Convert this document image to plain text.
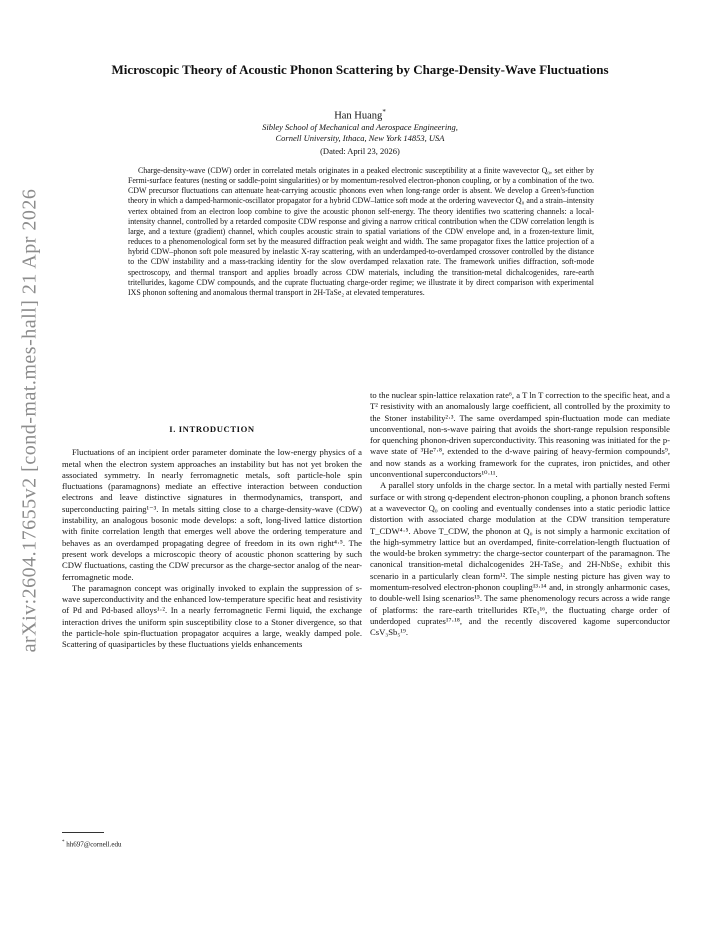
arXiv:2604.17655v2 [cond-mat.mes-hall] 21 Apr 2026
Microscopic Theory of Acoustic Phonon Scattering by Charge-Density-Wave Fluctuations
Han Huang*
Sibley School of Mechanical and Aerospace Engineering,
Cornell University, Ithaca, New York 14853, USA
(Dated: April 23, 2026)
Charge-density-wave (CDW) order in correlated metals originates in a peaked electronic susceptibility at a finite wavevector Q₀, set either by Fermi-surface features (nesting or saddle-point singularities) or by momentum-resolved electron-phonon coupling, or by a combination of the two. CDW precursor fluctuations can attenuate heat-carrying acoustic phonons even when long-range order is absent. We develop a Green's-function theory in which a damped-harmonic-oscillator propagator for a hybrid CDW–lattice soft mode at the ordering wavevector Q₀ and a strain–intensity vertex obtained from an electron loop combine to give the acoustic phonon self-energy. The theory identifies two scattering channels: a local-intensity channel, controlled by a retarded composite CDW response and giving a narrow critical contribution when the CDW correlation length is large, and a texture (gradient) channel, which couples acoustic strain to spatial variations of the CDW envelope and, in a frozen-texture limit, reduces to a phenomenological form set by the measured diffraction peak weight and width. The same propagator fixes the lattice projection of a hybrid CDW–phonon soft pole measured by inelastic X-ray scattering, with an underdamped-to-overdamped crossover controlled by the distance to the CDW instability and a mass-tracking identity for the slow overdamped relaxation rate. The framework unifies diffraction, soft-mode spectroscopy, and thermal transport and applies broadly across CDW materials, including the transition-metal dichalcogenides, rare-earth tritellurides, kagome CDW compounds, and the cuprate fluctuating charge-order regime; we illustrate it by direct comparison with experimental IXS phonon softening and anomalous thermal transport in 2H-TaSe₂ at elevated temperatures.
I. INTRODUCTION

Fluctuations of an incipient order parameter dominate the low-energy physics of a metal when the electron system approaches an instability but has not yet broken the associated symmetry. In nearly ferromagnetic metals, soft particle-hole spin fluctuations (paramagnons) mediate an effective interaction between conduction electrons and leave distinctive signatures in thermodynamics, transport, and superconducting pairing¹⁻³. In metals sitting close to a charge-density-wave (CDW) instability, an analogous bosonic mode develops: a soft, long-lived lattice distortion with finite correlation length that emerges well above the ordering temperature and behaves as an overdamped propagating degree of freedom in its own right⁴·⁵. The present work develops a microscopic theory of acoustic phonon scattering by such CDW fluctuations, casting the CDW precursor as the charge-sector analog of the near-ferromagnetic mode.

The paramagnon concept was originally invoked to explain the suppression of s-wave superconductivity and the enhanced low-temperature specific heat and resistivity of Pd and Pd-based alloys¹·². In a nearly ferromagnetic Fermi liquid, the exchange interaction drives the uniform spin susceptibility close to a Stoner divergence, so that the particle-hole spin-fluctuation propagator acquires a large, weakly damped pole. Scattering of quasiparticles by these fluctuations yields enhancements

to the nuclear spin-lattice relaxation rate⁶, a T ln T correction to the specific heat, and a T² resistivity with an anomalously large coefficient, all controlled by the proximity to the Stoner instability²·³. The same overdamped spin-fluctuation mode can mediate unconventional, non-s-wave pairing that avoids the short-range repulsion responsible for quenching phonon-driven superconductivity. This reasoning was initiated for the p-wave state of ³He⁷·⁸, extended to the d-wave pairing of heavy-fermion compounds⁹, and now stands as a working framework for the cuprates, iron pnictides, and other unconventional superconductors¹⁰·¹¹.

A parallel story unfolds in the charge sector. In a metal with partially nested Fermi surface or with strong q-dependent electron-phonon coupling, a phonon branch softens at a wavevector Q₀ on cooling and eventually condenses into a static periodic lattice distortion with associated charge modulation at the CDW transition temperature T_CDW⁴·⁵. Above T_CDW, the phonon at Q₀ is not simply a harmonic excitation of the high-symmetry lattice but an overdamped, finite-correlation-length fluctuation of the would-be broken symmetry: the charge-sector counterpart of the paramagnon. The canonical transition-metal dichalcogenides 2H-TaSe₂ and 2H-NbSe₂ exhibit this scenario in a particularly clean form¹². The simple nesting picture has given way to momentum-resolved electron-phonon coupling¹³·¹⁴ and, in strongly anharmonic cases, to double-well Ising scenarios¹⁵. The same phenomenology recurs across a wide range of platforms: the rare-earth tritellurides RTe₃¹⁶, the fluctuating charge order of underdoped cuprates¹⁷·¹⁸, and the recently discovered kagome superconductor CsV₃Sb₅¹⁹.

* hh697@cornell.edu
